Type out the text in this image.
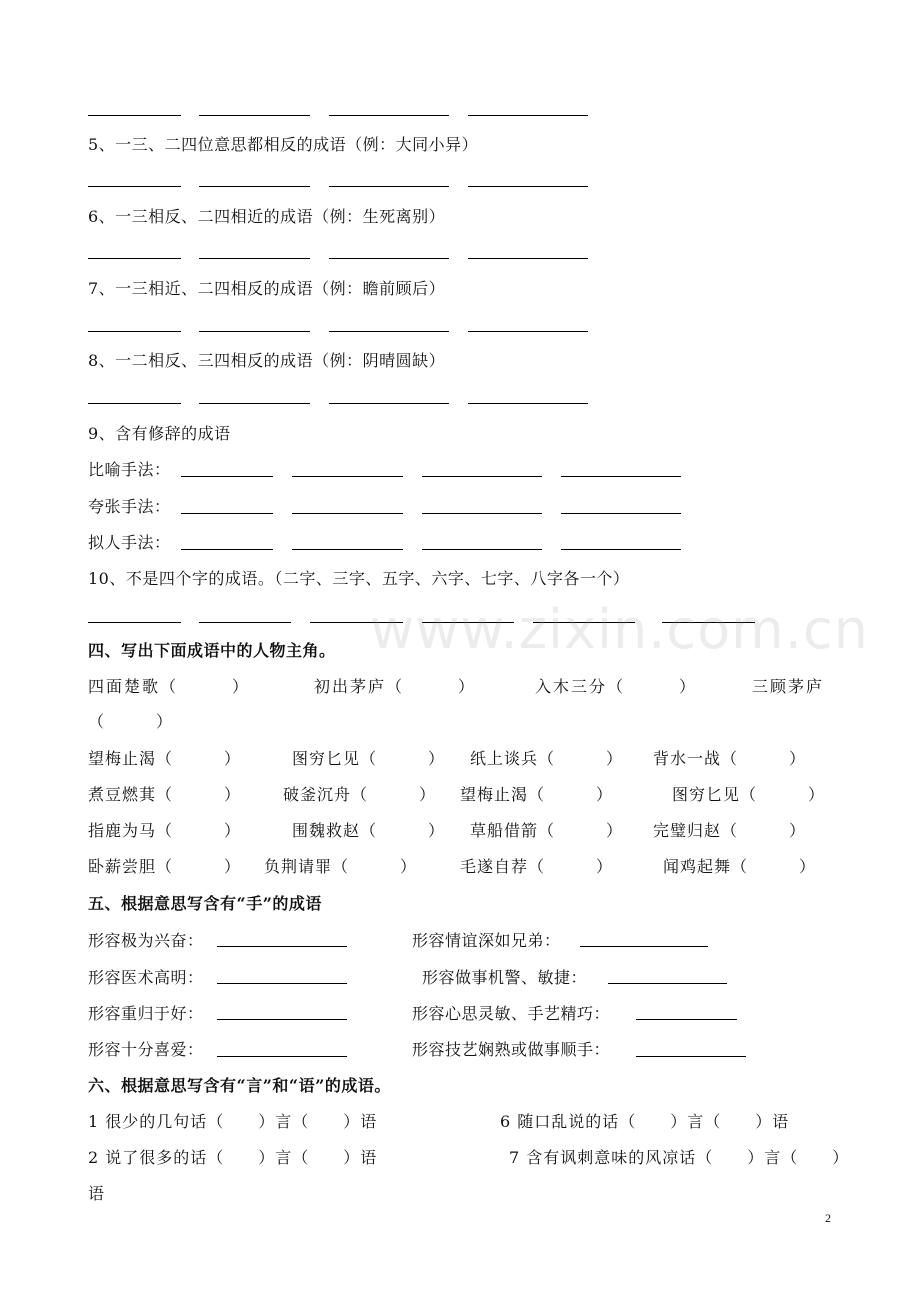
5、一三、二四位意思都相反的成语（例：大同小异）
6、一三相反、二四相近的成语（例：生死离别）
7、一三相近、二四相反的成语（例：瞻前顾后）
8、一二相反、三四相反的成语（例：阴晴圆缺）
9、含有修辞的成语
比喻手法：
夸张手法：
拟人手法：
10、不是四个字的成语。（二字、三字、五字、六字、七字、八字各一个）
www.zixin.com.cn
四、写出下面成语中的人物主角。
四面楚歌（　　　）	初出茅庐（　　　）	入木三分（　　　）	三顾茅庐
（　　　）
望梅止渴（　　　）	图穷匕见（　　　） 纸上谈兵（　　　） 背水一战（　　　）
煮豆燃萁（　　　）	破釜沉舟（　　　） 望梅止渴（　　　）	图穷匕见（　　　）
指鹿为马（　　　）	围魏救赵（　　　） 草船借箭（　　　） 完璧归赵（　　　）
卧薪尝胆（　　　） 负荆请罪（　　　）	毛遂自荐（　　　）	闻鸡起舞（　　　）
五、根据意思写含有“手”的成语
形容极为兴奋：	形容情谊深如兄弟：
形容医术高明：	形容做事机警、敏捷：
形容重归于好：	形容心思灵敏、手艺精巧：
形容十分喜爱：	形容技艺娴熟或做事顺手：
六、根据意思写含有“言”和“语”的成语。
1 很少的几句话（　　）言（　　）语	6 随口乱说的话（　　）言（　　）语
2 说了很多的话（　　）言（　　）语	7 含有讽刺意味的风凉话（　　）言（　　）
语
2
